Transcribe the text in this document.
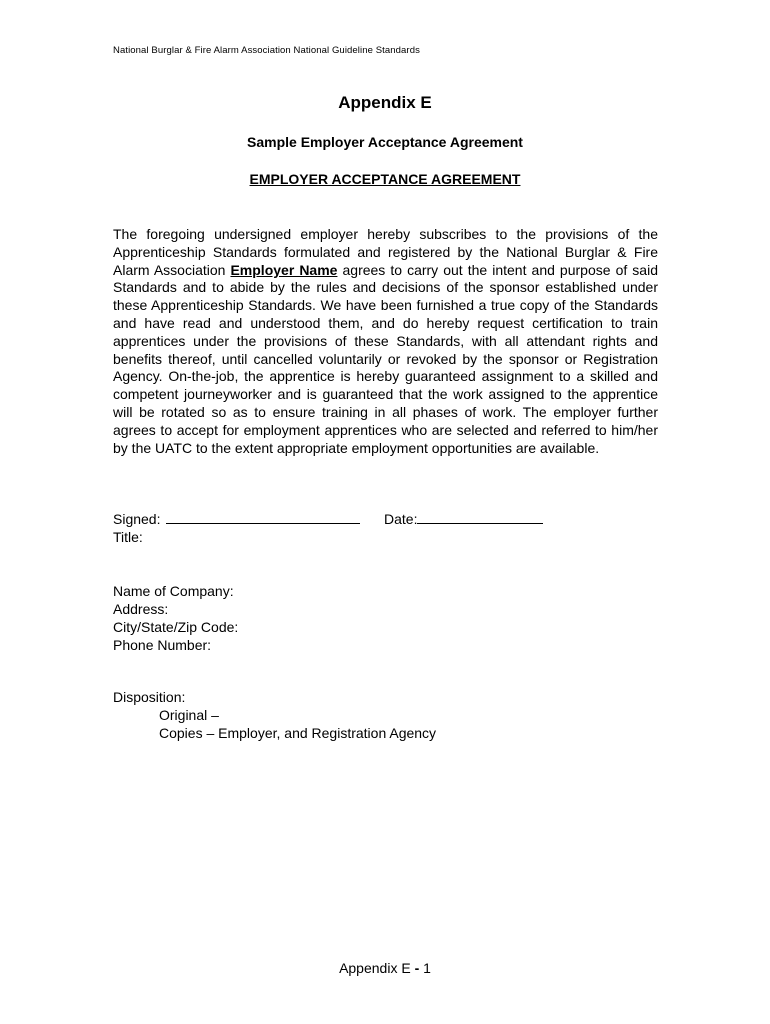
National Burglar & Fire Alarm Association National Guideline Standards
Appendix E
Sample Employer Acceptance Agreement
EMPLOYER ACCEPTANCE AGREEMENT
The foregoing undersigned employer hereby subscribes to the provisions of the Apprenticeship Standards formulated and registered by the National Burglar & Fire Alarm Association Employer Name agrees to carry out the intent and purpose of said Standards and to abide by the rules and decisions of the sponsor established under these Apprenticeship Standards. We have been furnished a true copy of the Standards and have read and understood them, and do hereby request certification to train apprentices under the provisions of these Standards, with all attendant rights and benefits thereof, until cancelled voluntarily or revoked by the sponsor or Registration Agency. On-the-job, the apprentice is hereby guaranteed assignment to a skilled and competent journeyworker and is guaranteed that the work assigned to the apprentice will be rotated so as to ensure training in all phases of work. The employer further agrees to accept for employment apprentices who are selected and referred to him/her by the UATC to the extent appropriate employment opportunities are available.
Signed:	Date:
Title:
Name of Company:
Address:
City/State/Zip Code:
Phone Number:
Disposition:
Original –
Copies – Employer, and Registration Agency
Appendix E - 1
